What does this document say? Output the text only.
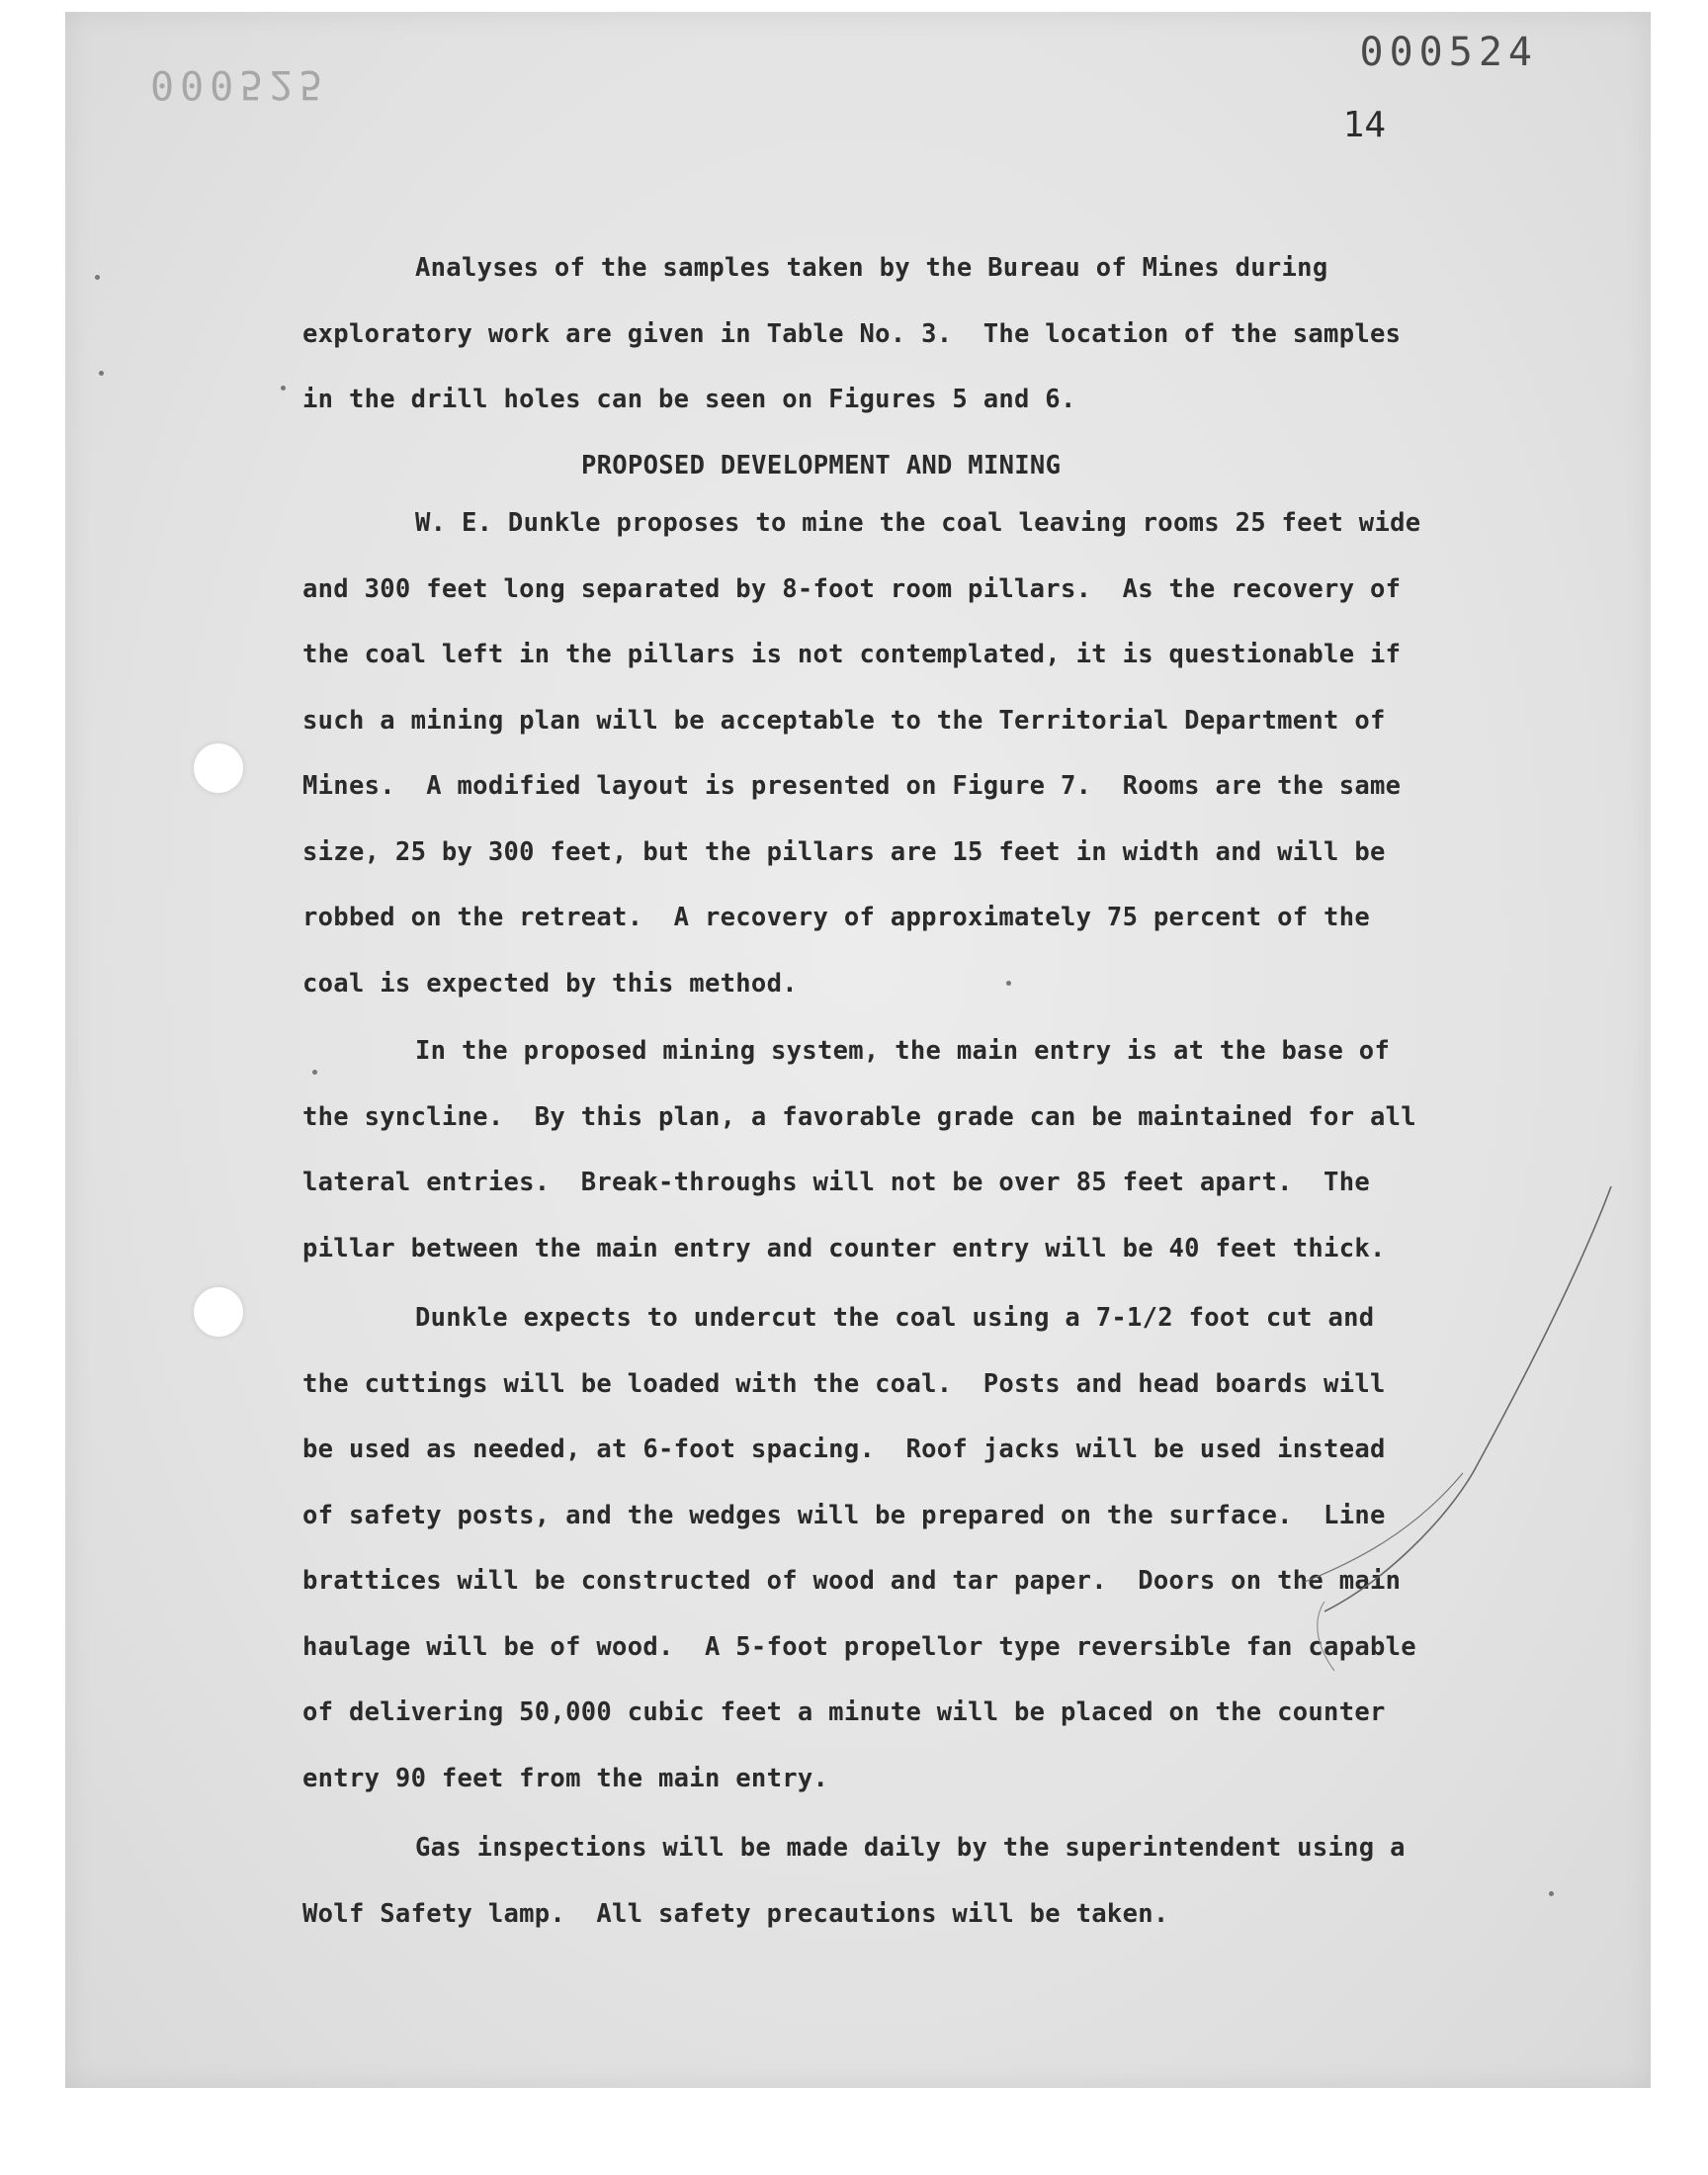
000524
000525
14
Analyses of the samples taken by the Bureau of Mines during
exploratory work are given in Table No. 3.  The location of the samples
in the drill holes can be seen on Figures 5 and 6.
PROPOSED DEVELOPMENT AND MINING
W. E. Dunkle proposes to mine the coal leaving rooms 25 feet wide
and 300 feet long separated by 8-foot room pillars.  As the recovery of
the coal left in the pillars is not contemplated, it is questionable if
such a mining plan will be acceptable to the Territorial Department of
Mines.  A modified layout is presented on Figure 7.  Rooms are the same
size, 25 by 300 feet, but the pillars are 15 feet in width and will be
robbed on the retreat.  A recovery of approximately 75 percent of the
coal is expected by this method.
In the proposed mining system, the main entry is at the base of
the syncline.  By this plan, a favorable grade can be maintained for all
lateral entries.  Break-throughs will not be over 85 feet apart.  The
pillar between the main entry and counter entry will be 40 feet thick.
Dunkle expects to undercut the coal using a 7-1/2 foot cut and
the cuttings will be loaded with the coal.  Posts and head boards will
be used as needed, at 6-foot spacing.  Roof jacks will be used instead
of safety posts, and the wedges will be prepared on the surface.  Line
brattices will be constructed of wood and tar paper.  Doors on the main
haulage will be of wood.  A 5-foot propellor type reversible fan capable
of delivering 50,000 cubic feet a minute will be placed on the counter
entry 90 feet from the main entry.
Gas inspections will be made daily by the superintendent using a
Wolf Safety lamp.  All safety precautions will be taken.
